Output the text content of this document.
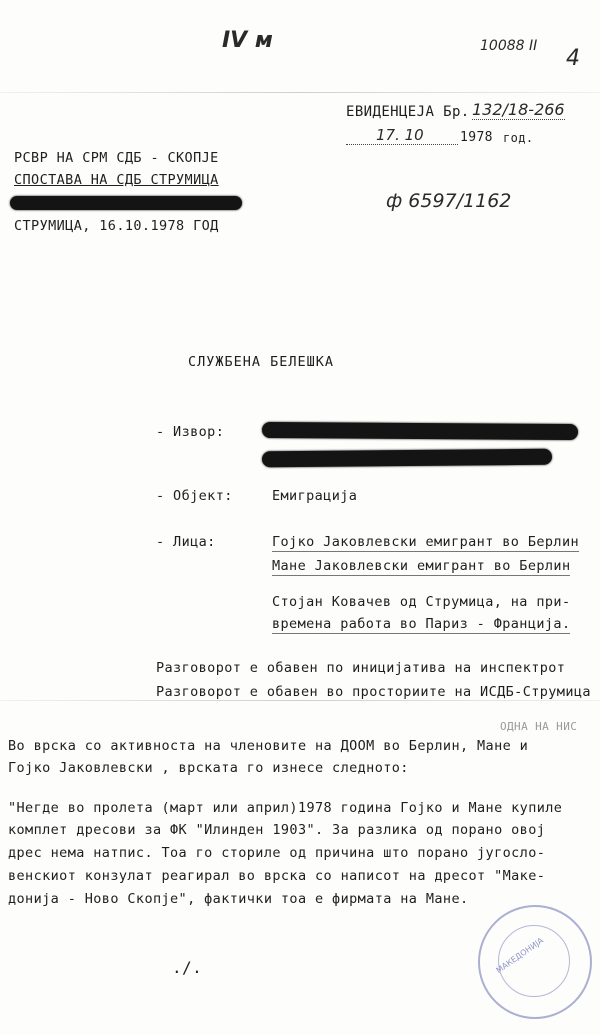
IV м	10088 II 4
ЕВИДЕНЦЕЈА Бр. 132/18-266
17. 10	1978 год.
РСВР НА СРМ СДБ - СКОПЈЕ
СПОСТАВА НА СДБ СТРУМИЦА
СТРУМИЦА, 16.10.1978 ГОД
ф 6597/1162
СЛУЖБЕНА БЕЛЕШКА
- Извор:
- Објект:	Емиграција
- Лица:	Гојко Јаковлевски емигрант во Берлин
Мане Јаковлевски емигрант во Берлин
Стојан Ковачев од Струмица, на при-
времена работа во Париз - Франција.
Разговорот е обавен по иницијатива на инспектрот
Разговорот е обавен во просториите на ИСДБ-Струмица
ОДНА НА НИС
Во врска со активноста на членовите на ДООМ во Берлин, Мане и
Гојко Јаковлевски , врската го изнесе следното:
"Негде во пролета (март или април)1978 година Гојко и Мане купиле
комплет дресови за ФК "Илинден 1903". За разлика од порано овој
дрес нема натпис. Тоа го сториле од причина што порано југосло-
венскиот конзулат реагирал во врска со написот на дресот "Маке-
донија - Ново Скопје", фактички тоа е фирмата на Мане.
./.	МАКЕДОНИЈА
